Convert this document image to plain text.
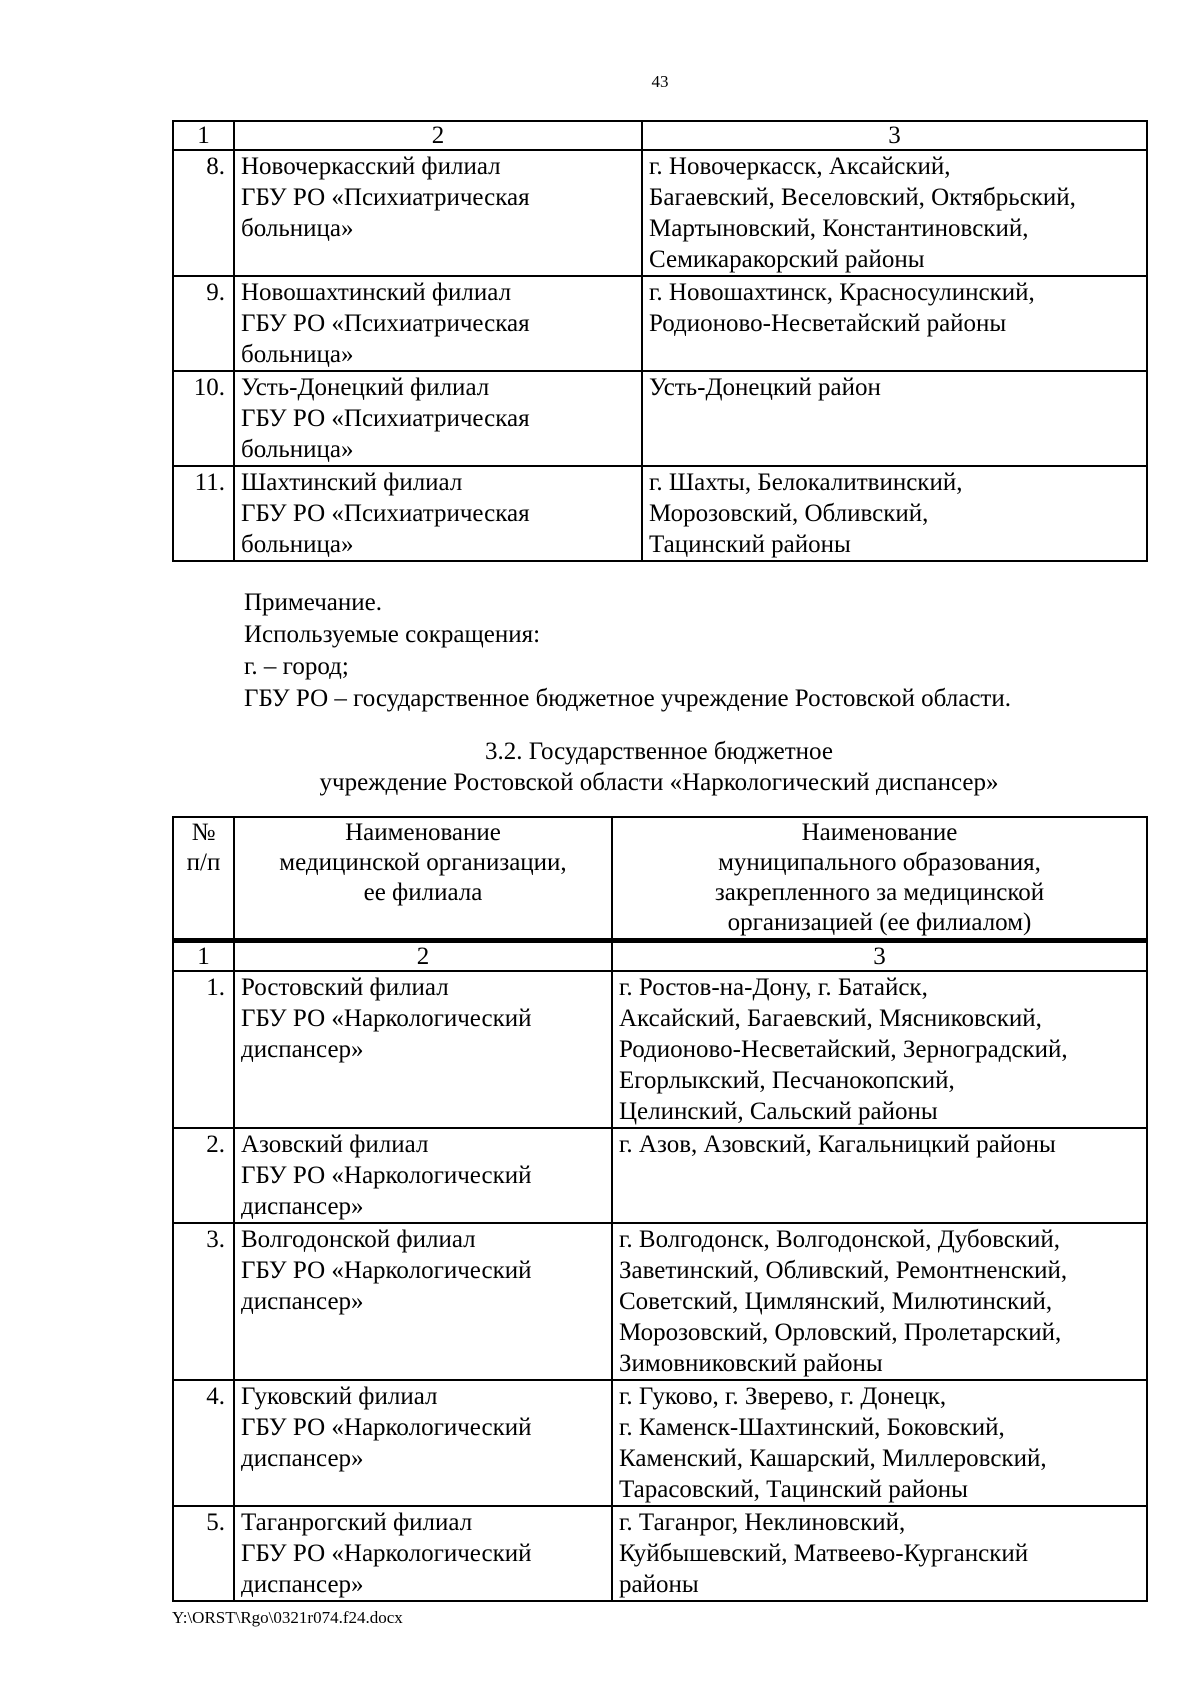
43
1	2	3
8.	Новочеркасский филиал
ГБУ РО «Психиатрическая
больница»	г. Новочеркасск, Аксайский,
Багаевский, Веселовский, Октябрьский,
Мартыновский, Константиновский,
Семикаракорский районы

9.	Новошахтинский филиал
ГБУ РО «Психиатрическая
больница»	г. Новошахтинск, Красносулинский,
Родионово-Несветайский районы

10.	Усть-Донецкий филиал
ГБУ РО «Психиатрическая
больница»	Усть-Донецкий район

11.	Шахтинский филиал
ГБУ РО «Психиатрическая
больница»	г. Шахты, Белокалитвинский,
Морозовский, Обливский,
Тацинский районы
Примечание.
Используемые сокращения:
г. – город;
ГБУ РО – государственное бюджетное учреждение Ростовской области.
3.2. Государственное бюджетное
учреждение Ростовской области «Наркологический диспансер»
№
п/п	Наименование
медицинской организации,
ее филиала	Наименование
муниципального образования,
закрепленного за медицинской
организацией (ее филиалом)

1	2	3
1.	Ростовский филиал
ГБУ РО «Наркологический
диспансер»	г. Ростов-на-Дону, г. Батайск,
Аксайский, Багаевский, Мясниковский,
Родионово-Несветайский, Зерноградский,
Егорлыкский, Песчанокопский,
Целинский, Сальский районы

2.	Азовский филиал
ГБУ РО «Наркологический
диспансер»	г. Азов, Азовский, Кагальницкий районы

3.	Волгодонской филиал
ГБУ РО «Наркологический
диспансер»	г. Волгодонск, Волгодонской, Дубовский,
Заветинский, Обливский, Ремонтненский,
Советский, Цимлянский, Милютинский,
Морозовский, Орловский, Пролетарский,
Зимовниковский районы

4.	Гуковский филиал
ГБУ РО «Наркологический
диспансер»	г. Гуково, г. Зверево, г. Донецк,
г. Каменск-Шахтинский, Боковский,
Каменский, Кашарский, Миллеровский,
Тарасовский, Тацинский районы

5.	Таганрогский филиал
ГБУ РО «Наркологический
диспансер»	г. Таганрог, Неклиновский,
Куйбышевский, Матвеево-Курганский
районы
Y:\ORST\Rgo\0321r074.f24.docx
